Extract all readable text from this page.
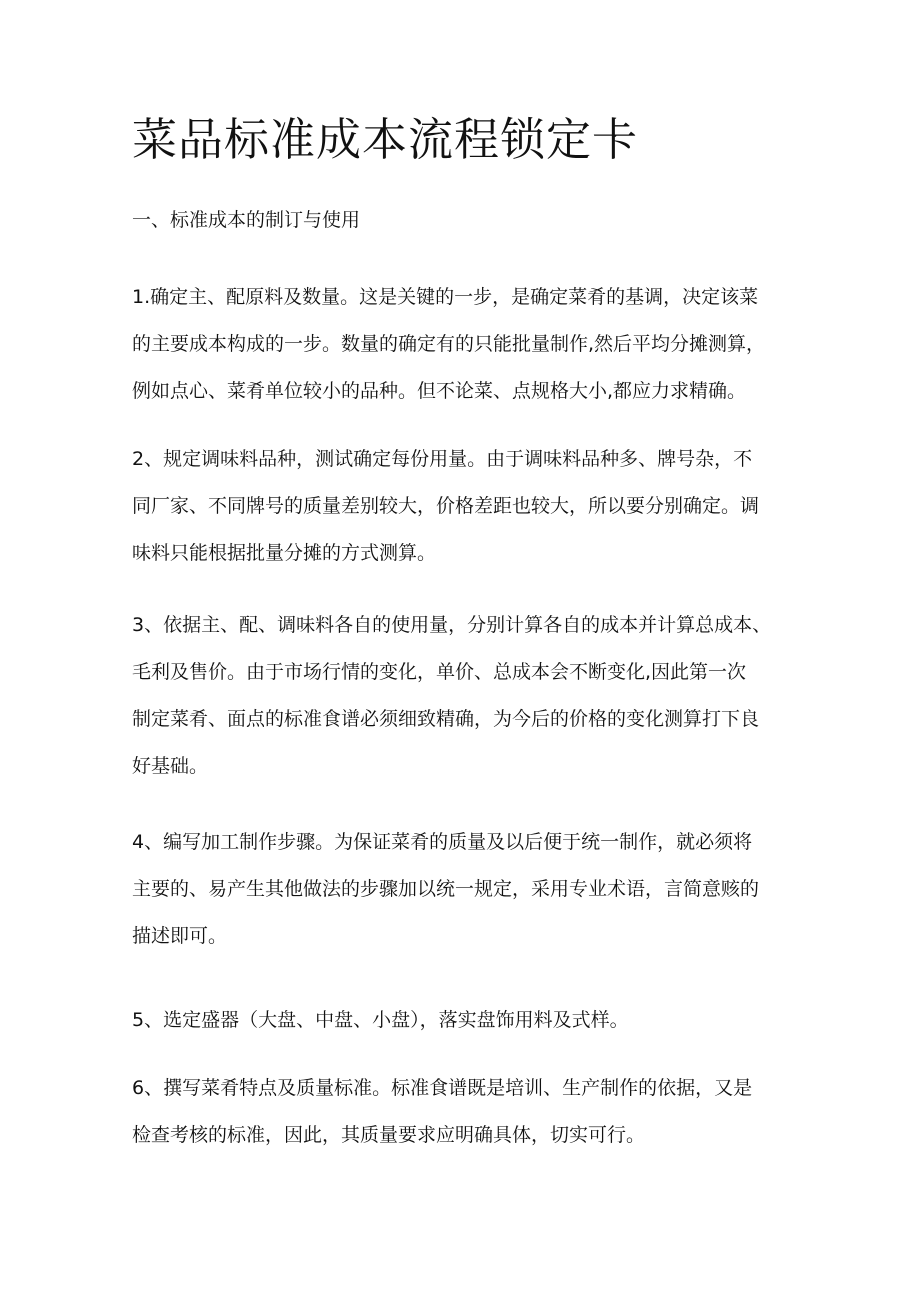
菜品标准成本流程锁定卡
一、标准成本的制订与使用
1.确定主、配原料及数量。这是关键的一步，是确定菜肴的基调，决定该菜
的主要成本构成的一步。数量的确定有的只能批量制作,然后平均分摊测算，
例如点心、菜肴单位较小的品种。但不论菜、点规格大小,都应力求精确。
2、规定调味料品种，测试确定每份用量。由于调味料品种多、牌号杂，不
同厂家、不同牌号的质量差别较大，价格差距也较大，所以要分别确定。调
味料只能根据批量分摊的方式测算。
3、依据主、配、调味料各自的使用量，分别计算各自的成本并计算总成本、
毛利及售价。由于市场行情的变化，单价、总成本会不断变化,因此第一次
制定菜肴、面点的标准食谱必须细致精确，为今后的价格的变化测算打下良
好基础。
4、编写加工制作步骤。为保证菜肴的质量及以后便于统一制作，就必须将
主要的、易产生其他做法的步骤加以统一规定，采用专业术语，言简意赅的
描述即可。
5、选定盛器（大盘、中盘、小盘），落实盘饰用料及式样。
6、撰写菜肴特点及质量标准。标准食谱既是培训、生产制作的依据，又是
检查考核的标准，因此，其质量要求应明确具体，切实可行。
